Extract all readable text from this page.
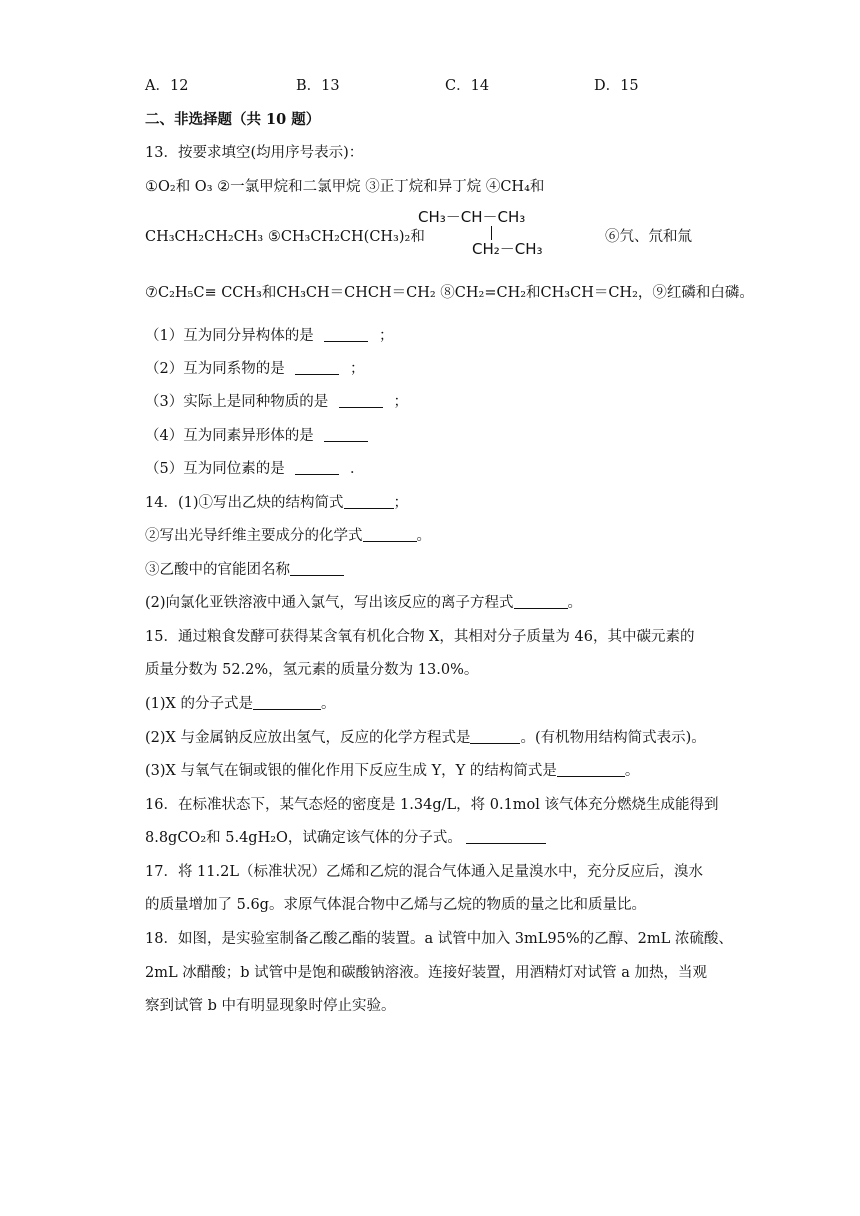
A．12	B．13	C．14	D．15
二、非选择题（共 10 题）
13．按要求填空(均用序号表示)：
①O₂和 O₃ ②一氯甲烷和二氯甲烷 ③正丁烷和异丁烷 ④CH₄和
CH₃CH₂CH₂CH₃ ⑤CH₃CH₂CH(CH₃)₂和
CH₃－CH－CH₃
CH₂－CH₃
⑥氕、氘和氚
⑦C₂H₅C≡ CCH₃和CH₃CH＝CHCH＝CH₂ ⑧CH₂=CH₂和CH₃CH＝CH₂，⑨红磷和白磷。
（1）互为同分异构体的是	；
（2）互为同系物的是	；
（3）实际上是同种物质的是	；
（4）互为同素异形体的是
（5）互为同位素的是	．
14．(1)①写出乙炔的结构简式	；
②写出光导纤维主要成分的化学式	。
③乙酸中的官能团名称
(2)向氯化亚铁溶液中通入氯气，写出该反应的离子方程式	。
15．通过粮食发酵可获得某含氧有机化合物 X，其相对分子质量为 46，其中碳元素的
质量分数为 52.2%，氢元素的质量分数为 13.0%。
(1)X 的分子式是	。
(2)X 与金属钠反应放出氢气，反应的化学方程式是	。(有机物用结构简式表示)。
(3)X 与氧气在铜或银的催化作用下反应生成 Y，Y 的结构简式是	。
16．在标准状态下，某气态烃的密度是 1.34g/L，将 0.1mol 该气体充分燃烧生成能得到
8.8gCO₂和 5.4gH₂O，试确定该气体的分子式。
17．将 11.2L（标准状况）乙烯和乙烷的混合气体通入足量溴水中，充分反应后，溴水
的质量增加了 5.6g。求原气体混合物中乙烯与乙烷的物质的量之比和质量比。
18．如图，是实验室制备乙酸乙酯的装置。a 试管中加入 3mL95%的乙醇、2mL 浓硫酸、
2mL 冰醋酸；b 试管中是饱和碳酸钠溶液。连接好装置，用酒精灯对试管 a 加热，当观
察到试管 b 中有明显现象时停止实验。
